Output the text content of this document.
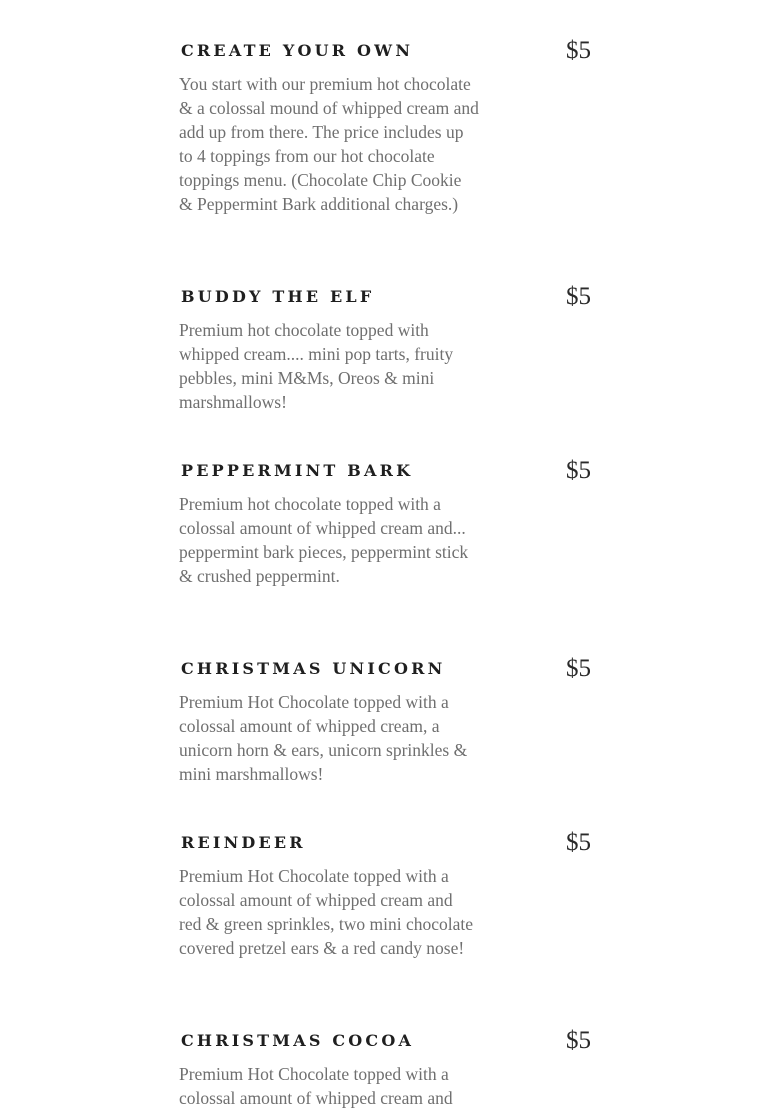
CREATE YOUR OWN	$5

You start with our premium hot chocolate & a colossal mound of whipped cream and add up from there. The price includes up to 4 toppings from our hot chocolate toppings menu. (Chocolate Chip Cookie & Peppermint Bark additional charges.)

BUDDY THE ELF	$5

Premium hot chocolate topped with whipped cream.... mini pop tarts, fruity pebbles, mini M&Ms, Oreos & mini marshmallows!

PEPPERMINT BARK	$5

Premium hot chocolate topped with a colossal amount of whipped cream and... peppermint bark pieces, peppermint stick & crushed peppermint.

CHRISTMAS UNICORN	$5

Premium Hot Chocolate topped with a colossal amount of whipped cream, a unicorn horn & ears, unicorn sprinkles & mini marshmallows!

REINDEER	$5

Premium Hot Chocolate topped with a colossal amount of whipped cream and red & green sprinkles, two mini chocolate covered pretzel ears & a red candy nose!

CHRISTMAS COCOA	$5

Premium Hot Chocolate topped with a colossal amount of whipped cream and
